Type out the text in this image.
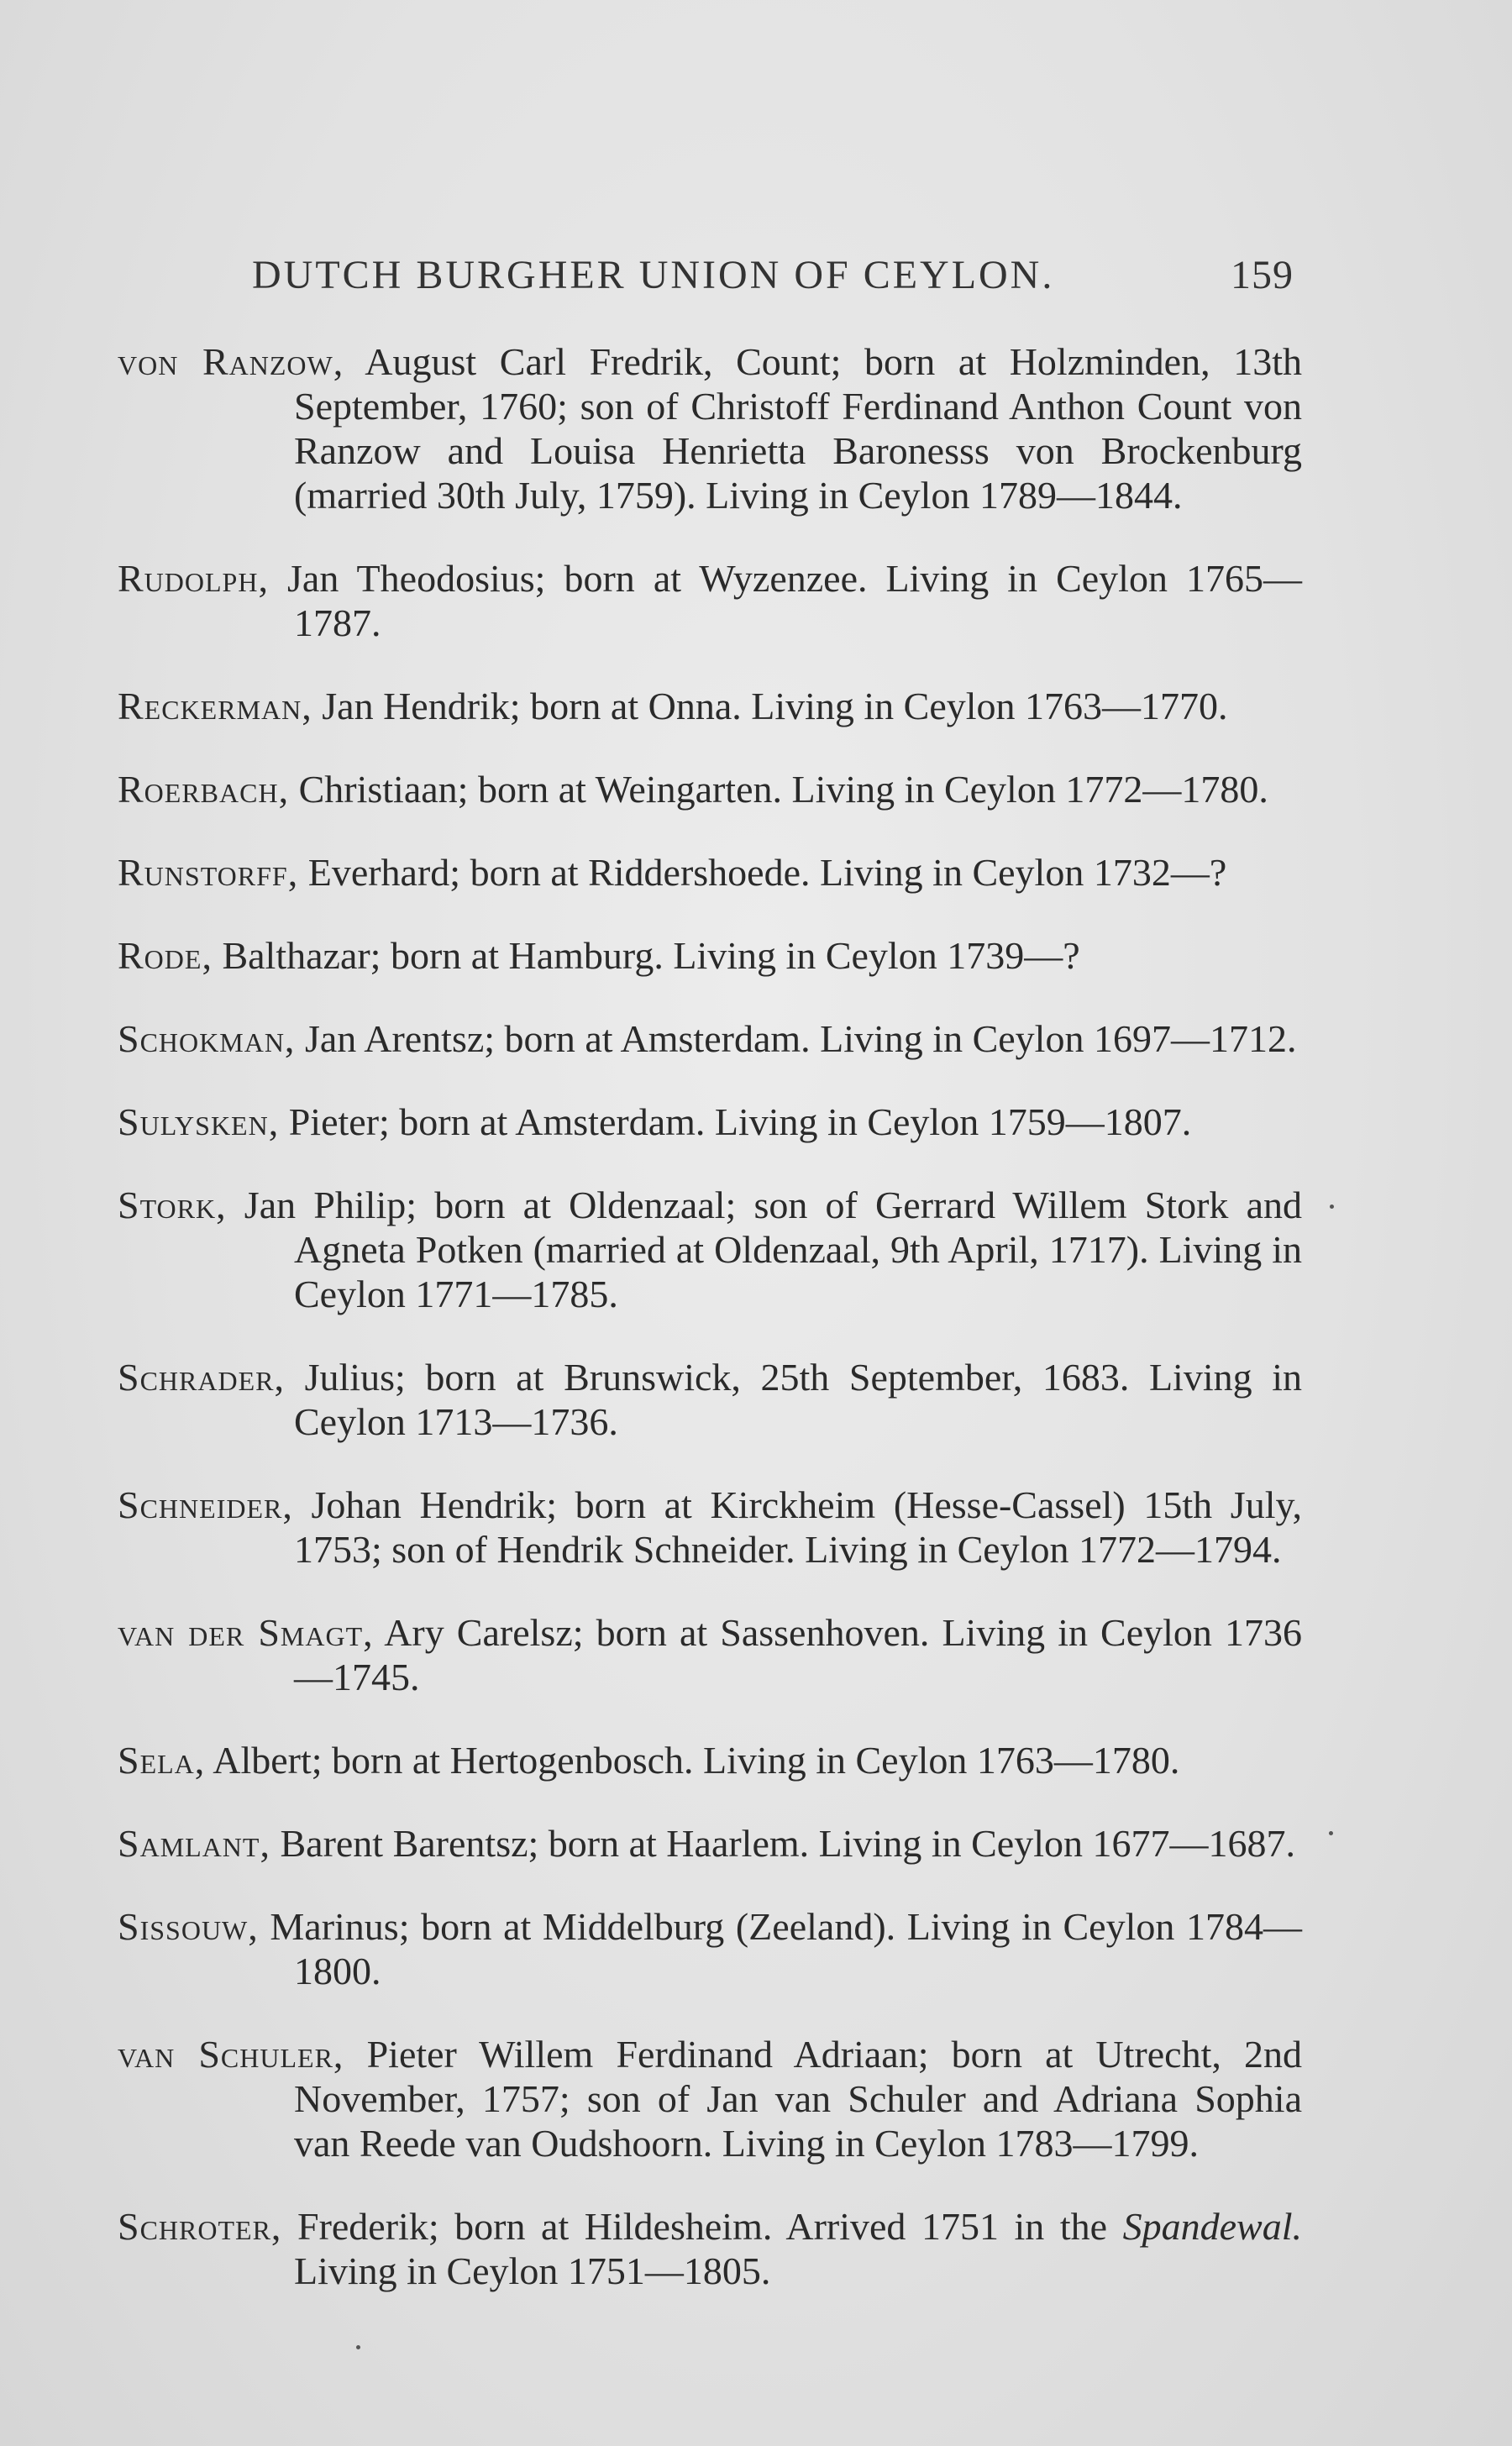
DUTCH BURGHER UNION OF CEYLON.	159

von Ranzow, August Carl Fredrik, Count; born at Holzminden, 13th September, 1760; son of Christoff Ferdinand Anthon Count von Ranzow and Louisa Henrietta Baronesss von Brockenburg (married 30th July, 1759). Living in Ceylon 1789—1844.

Rudolph, Jan Theodosius; born at Wyzenzee. Living in Ceylon 1765—1787.

Reckerman, Jan Hendrik; born at Onna. Living in Ceylon 1763—1770.

Roerbach, Christiaan; born at Weingarten. Living in Ceylon 1772—1780.

Runstorff, Everhard; born at Riddershoede. Living in Ceylon 1732—?

Rode, Balthazar; born at Hamburg. Living in Ceylon 1739—?

Schokman, Jan Arentsz; born at Amsterdam. Living in Ceylon 1697—1712.

Sulysken, Pieter; born at Amsterdam. Living in Ceylon 1759—1807.

Stork, Jan Philip; born at Oldenzaal; son of Gerrard Willem Stork and Agneta Potken (married at Oldenzaal, 9th April, 1717). Living in Ceylon 1771—1785.

Schrader, Julius; born at Brunswick, 25th September, 1683. Living in Ceylon 1713—1736.

Schneider, Johan Hendrik; born at Kirckheim (Hesse-Cassel) 15th July, 1753; son of Hendrik Schneider. Living in Ceylon 1772—1794.

van der Smagt, Ary Carelsz; born at Sassenhoven. Living in Ceylon 1736—1745.

Sela, Albert; born at Hertogenbosch. Living in Ceylon 1763—1780.

Samlant, Barent Barentsz; born at Haarlem. Living in Ceylon 1677—1687.

Sissouw, Marinus; born at Middelburg (Zeeland). Living in Ceylon 1784—1800.

van Schuler, Pieter Willem Ferdinand Adriaan; born at Utrecht, 2nd November, 1757; son of Jan van Schuler and Adriana Sophia van Reede van Oudshoorn. Living in Ceylon 1783—1799.

Schroter, Frederik; born at Hildesheim. Arrived 1751 in the Spandewal. Living in Ceylon 1751—1805.
